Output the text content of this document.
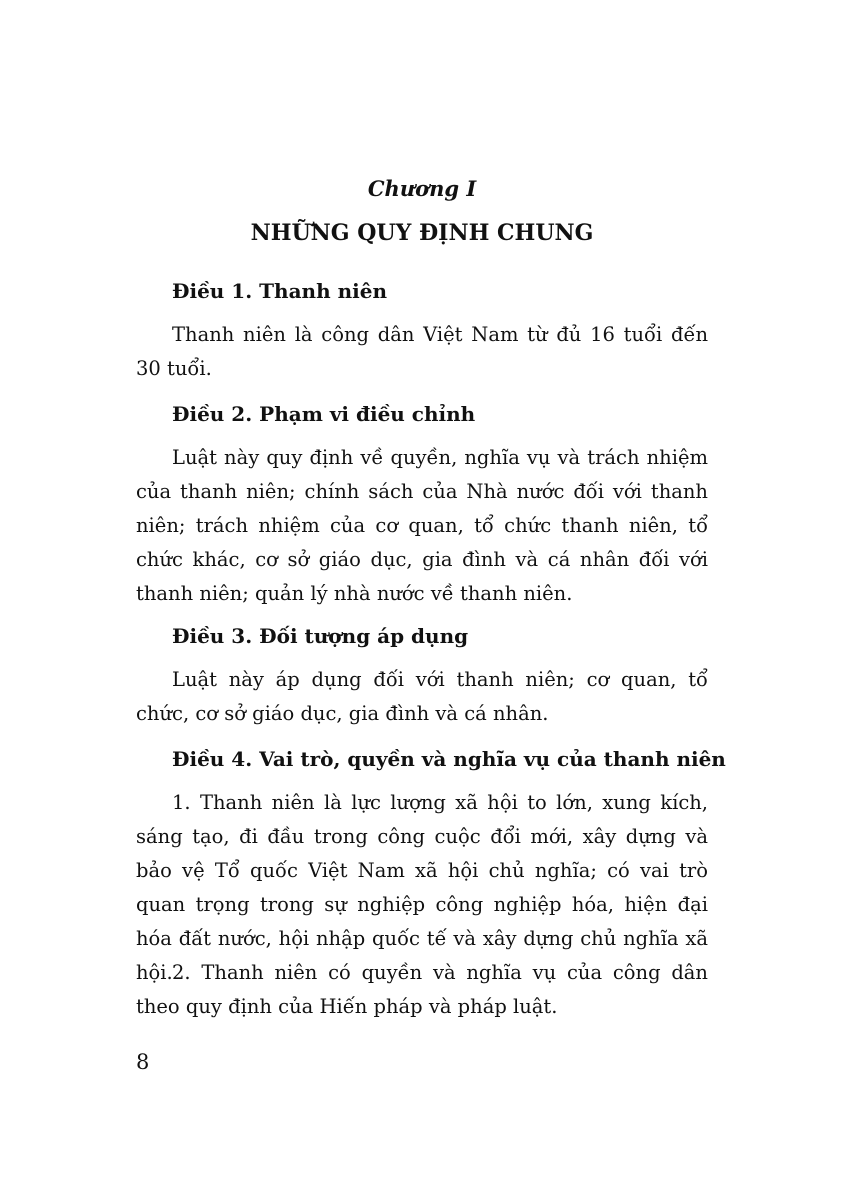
Chương I
NHỮNG QUY ĐỊNH CHUNG
Điều 1. Thanh niên
Thanh niên là công dân Việt Nam từ đủ 16 tuổi đến 30 tuổi.
Điều 2. Phạm vi điều chỉnh
Luật này quy định về quyền, nghĩa vụ và trách nhiệm của thanh niên; chính sách của Nhà nước đối với thanh niên; trách nhiệm của cơ quan, tổ chức thanh niên, tổ chức khác, cơ sở giáo dục, gia đình và cá nhân đối với thanh niên; quản lý nhà nước về thanh niên.
Điều 3. Đối tượng áp dụng
Luật này áp dụng đối với thanh niên; cơ quan, tổ chức, cơ sở giáo dục, gia đình và cá nhân.
Điều 4. Vai trò, quyền và nghĩa vụ của thanh niên
1. Thanh niên là lực lượng xã hội to lớn, xung kích, sáng tạo, đi đầu trong công cuộc đổi mới, xây dựng và bảo vệ Tổ quốc Việt Nam xã hội chủ nghĩa; có vai trò quan trọng trong sự nghiệp công nghiệp hóa, hiện đại hóa đất nước, hội nhập quốc tế và xây dựng chủ nghĩa xã hội. 2. Thanh niên có quyền và nghĩa vụ của công dân theo quy định của Hiến pháp và pháp luật.
8
